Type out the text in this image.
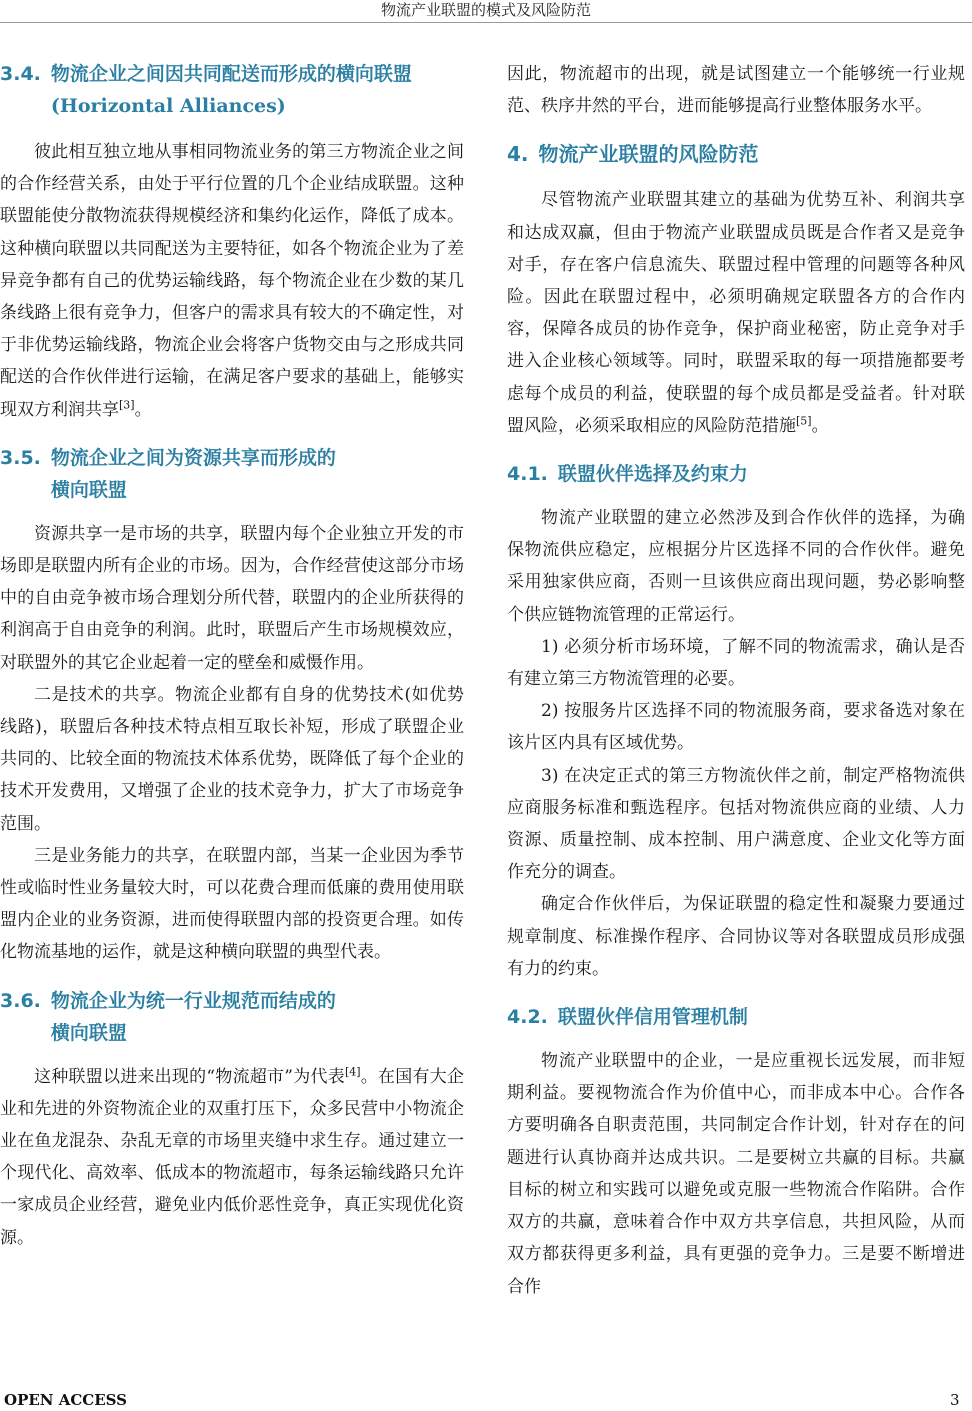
物流产业联盟的模式及风险防范
3.4. 物流企业之间因共同配送而形成的横向联盟(Horizontal Alliances)

彼此相互独立地从事相同物流业务的第三方物流企业之间的合作经营关系，由处于平行位置的几个企业结成联盟。这种联盟能使分散物流获得规模经济和集约化运作，降低了成本。这种横向联盟以共同配送为主要特征，如各个物流企业为了差异竞争都有自己的优势运输线路，每个物流企业在少数的某几条线路上很有竞争力，但客户的需求具有较大的不确定性，对于非优势运输线路，物流企业会将客户货物交由与之形成共同配送的合作伙伴进行运输，在满足客户要求的基础上，能够实现双方利润共享[3]。

3.5. 物流企业之间为资源共享而形成的
横向联盟

资源共享一是市场的共享，联盟内每个企业独立开发的市场即是联盟内所有企业的市场。因为，合作经营使这部分市场中的自由竞争被市场合理划分所代替，联盟内的企业所获得的利润高于自由竞争的利润。此时，联盟后产生市场规模效应，对联盟外的其它企业起着一定的壁垒和威慑作用。

二是技术的共享。物流企业都有自身的优势技术(如优势线路)，联盟后各种技术特点相互取长补短，形成了联盟企业共同的、比较全面的物流技术体系优势，既降低了每个企业的技术开发费用，又增强了企业的技术竞争力，扩大了市场竞争范围。

三是业务能力的共享，在联盟内部，当某一企业因为季节性或临时性业务量较大时，可以花费合理而低廉的费用使用联盟内企业的业务资源，进而使得联盟内部的投资更合理。如传化物流基地的运作，就是这种横向联盟的典型代表。

3.6. 物流企业为统一行业规范而结成的
横向联盟

这种联盟以进来出现的“物流超市”为代表[4]。在国有大企业和先进的外资物流企业的双重打压下，众多民营中小物流企业在鱼龙混杂、杂乱无章的市场里夹缝中求生存。通过建立一个现代化、高效率、低成本的物流超市，每条运输线路只允许一家成员企业经营，避免业内低价恶性竞争，真正实现优化资源。

因此，物流超市的出现，就是试图建立一个能够统一行业规范、秩序井然的平台，进而能够提高行业整体服务水平。

4. 物流产业联盟的风险防范

尽管物流产业联盟其建立的基础为优势互补、利润共享和达成双赢，但由于物流产业联盟成员既是合作者又是竞争对手，存在客户信息流失、联盟过程中管理的问题等各种风险。因此在联盟过程中，必须明确规定联盟各方的合作内容，保障各成员的协作竞争，保护商业秘密，防止竞争对手进入企业核心领域等。同时，联盟采取的每一项措施都要考虑每个成员的利益，使联盟的每个成员都是受益者。针对联盟风险，必须采取相应的风险防范措施[5]。

4.1. 联盟伙伴选择及约束力

物流产业联盟的建立必然涉及到合作伙伴的选择，为确保物流供应稳定，应根据分片区选择不同的合作伙伴。避免采用独家供应商，否则一旦该供应商出现问题，势必影响整个供应链物流管理的正常运行。

1) 必须分析市场环境，了解不同的物流需求，确认是否有建立第三方物流管理的必要。

2) 按服务片区选择不同的物流服务商，要求备选对象在该片区内具有区域优势。

3) 在决定正式的第三方物流伙伴之前，制定严格物流供应商服务标准和甄选程序。包括对物流供应商的业绩、人力资源、质量控制、成本控制、用户满意度、企业文化等方面作充分的调查。

确定合作伙伴后，为保证联盟的稳定性和凝聚力要通过规章制度、标准操作程序、合同协议等对各联盟成员形成强有力的约束。

4.2. 联盟伙伴信用管理机制

物流产业联盟中的企业，一是应重视长远发展，而非短期利益。要视物流合作为价值中心，而非成本中心。合作各方要明确各自职责范围，共同制定合作计划，针对存在的问题进行认真协商并达成共识。二是要树立共赢的目标。共赢目标的树立和实践可以避免或克服一些物流合作陷阱。合作双方的共赢，意味着合作中双方共享信息，共担风险，从而双方都获得更多利益，具有更强的竞争力。三是要不断增进合作

OPEN ACCESS	3
